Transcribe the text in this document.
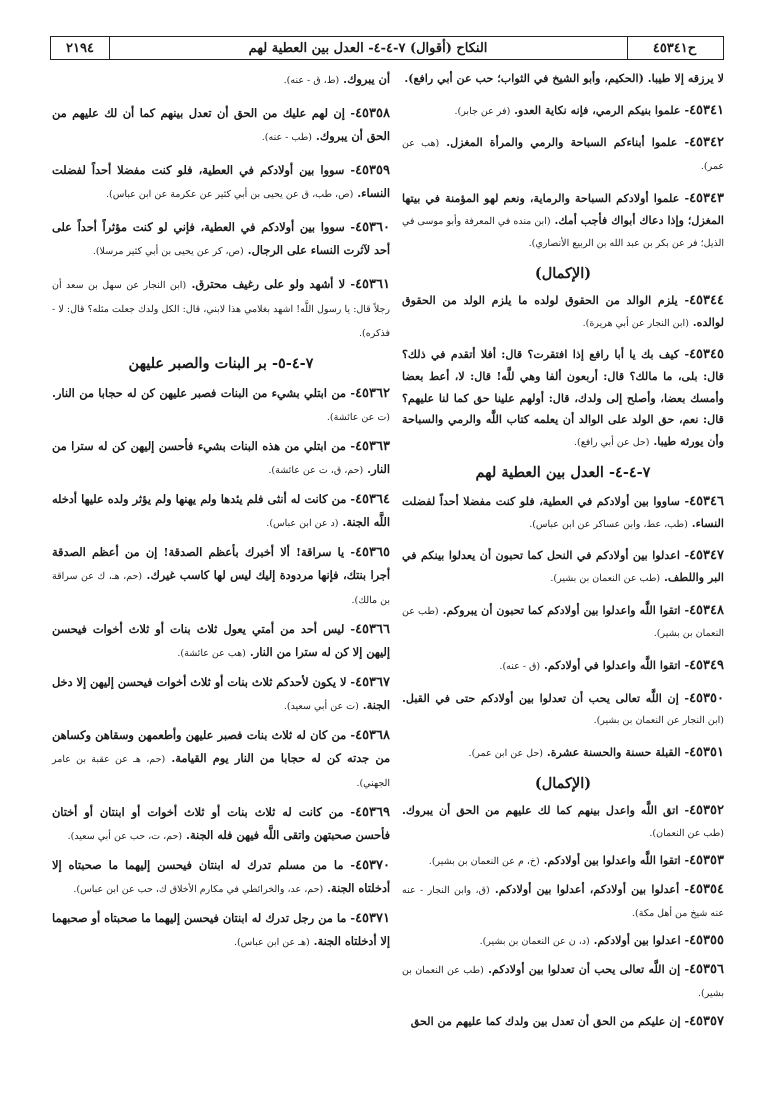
٢١٩٤	النكاح (أقوال) ٧-٤-٤- العدل بين العطية لهم	ح٤٥٣٤١
لا يرزقه إلا طيبا. (الحكيم، وأبو الشيخ في الثواب؛ حب عن أبي رافع).
٤٥٣٤١- علموا بنيكم الرمي، فإنه نكاية العدو. (فر عن جابر).
٤٥٣٤٢- علموا أبناءكم السباحة والرمي والمرأة المغزل. (هب عن عمر).
٤٥٣٤٣- علموا أولادكم السباحة والرماية، ونعم لهو المؤمنة في بيتها المغزل؛ وإذا دعاك أبواك فأجب أمك. (ابن منده في المعرفة وأبو موسى في الذيل؛ فر عن بكر بن عبد الله بن الربيع الأنصاري).
(الإكمال)
٤٥٣٤٤- يلزم الوالد من الحقوق لولده ما يلزم الولد من الحقوق لوالده. (ابن النجار عن أبي هريرة).
٤٥٣٤٥- كيف بك يا أبا رافع إذا افتقرت؟ قال: أفلا أتقدم في ذلك؟ قال: بلى، ما مالك؟ قال: أربعون ألفا وهي للَّه! قال: لا، أعط بعضا وأمسك بعضا، وأصلح إلى ولدك، قال: أولهم علينا حق كما لنا عليهم؟ قال: نعم، حق الولد على الوالد أن يعلمه كتاب اللَّه والرمي والسباحة وأن يورثه طيبا. (حل عن أبي رافع).
٧-٤-٤- العدل بين العطية لهم
٤٥٣٤٦- ساووا بين أولادكم في العطية، فلو كنت مفضلا أحداً لفضلت النساء. (طب، عط، وابن عساكر عن ابن عباس).
٤٥٣٤٧- اعدلوا بين أولادكم في النحل كما تحبون أن يعدلوا بينكم في البر واللطف. (طب عن النعمان بن بشير).
٤٥٣٤٨- اتقوا اللَّه واعدلوا بين أولادكم كما تحبون أن يبروكم. (طب عن النعمان بن بشير).
٤٥٣٤٩- اتقوا اللَّه واعدلوا في أولادكم. (ق - عنه).
٤٥٣٥٠- إن اللَّه تعالى يحب أن تعدلوا بين أولادكم حتى في القبل. (ابن النجار عن النعمان بن بشير).
٤٥٣٥١- القبلة حسنة والحسنة عشرة. (حل عن ابن عمر).
(الإكمال)
٤٥٣٥٢- اتق اللَّه واعدل بينهم كما لك عليهم من الحق أن يبروك. (طب عن النعمان).
٤٥٣٥٣- اتقوا اللَّه واعدلوا بين أولادكم. (خ، م عن النعمان بن بشير).
٤٥٣٥٤- أعدلوا بين أولادكم، أعدلوا بين أولادكم. (ق، وابن النجار - عنه عنه شيخ من أهل مكة).
٤٥٣٥٥- اعدلوا بين أولادكم. (د، ن عن النعمان بن بشير).
٤٥٣٥٦- إن اللَّه تعالى يحب أن تعدلوا بين أولادكم. (طب عن النعمان بن بشير).
٤٥٣٥٧- إن عليكم من الحق أن تعدل بين ولدك كما عليهم من الحق
أن يبروك. (ط، ق - عنه).
٤٥٣٥٨- إن لهم عليك من الحق أن تعدل بينهم كما أن لك عليهم من الحق أن يبروك. (طب - عنه).
٤٥٣٥٩- سووا بين أولادكم في العطية، فلو كنت مفضلا أحداً لفضلت النساء. (ص، طب، ق عن يحيى بن أبي كثير عن عكرمة عن ابن عباس).
٤٥٣٦٠- سووا بين أولادكم في العطية، فإني لو كنت مؤثراً أحداً على أحد لآثرت النساء على الرجال. (ص، كر عن يحيى بن أبي كثير مرسلا).
٤٥٣٦١- لا أشهد ولو على رغيف محترق. (ابن النجار عن سهل بن سعد أن رجلاً قال: يا رسول اللَّه! اشهد بغلامي هذا لابني، قال: الكل ولدك جعلت مثله؟ قال: لا - فذكره).
٧-٤-٥- بر البنات والصبر عليهن
٤٥٣٦٢- من ابتلي بشيء من البنات فصبر عليهن كن له حجابا من النار. (ت عن عائشة).
٤٥٣٦٣- من ابتلي من هذه البنات بشيء فأحسن إليهن كن له سترا من النار. (حم، ق، ت عن عائشة).
٤٥٣٦٤- من كانت له أنثى فلم يئدها ولم يهنها ولم يؤثر ولده عليها أدخله اللَّه الجنة. (د عن ابن عباس).
٤٥٣٦٥- يا سراقة! ألا أخبرك بأعظم الصدقة! إن من أعظم الصدقة أجرا بنتك، فإنها مردودة إليك ليس لها كاسب غيرك. (حم، هـ، ك عن سراقة بن مالك).
٤٥٣٦٦- ليس أحد من أمتي يعول ثلاث بنات أو ثلاث أخوات فيحسن إليهن إلا كن له سترا من النار. (هب عن عائشة).
٤٥٣٦٧- لا يكون لأحدكم ثلاث بنات أو ثلاث أخوات فيحسن إليهن إلا دخل الجنة. (ت عن أبي سعيد).
٤٥٣٦٨- من كان له ثلاث بنات فصبر عليهن وأطعمهن وسقاهن وكساهن من جدته كن له حجابا من النار يوم القيامة. (حم، هـ عن عقبة بن عامر الجهني).
٤٥٣٦٩- من كانت له ثلاث بنات أو ثلاث أخوات أو ابنتان أو أختان فأحسن صحبتهن واتقى اللَّه فيهن فله الجنة. (حم، ت، حب عن أبي سعيد).
٤٥٣٧٠- ما من مسلم تدرك له ابنتان فيحسن إليهما ما صحبتاه إلا أدخلتاه الجنة. (حم، عد، والخرائطي في مكارم الأخلاق ك، حب عن ابن عباس).
٤٥٣٧١- ما من رجل تدرك له ابنتان فيحسن إليهما ما صحبتاه أو صحبهما إلا أدخلتاه الجنة. (هـ عن ابن عباس).
